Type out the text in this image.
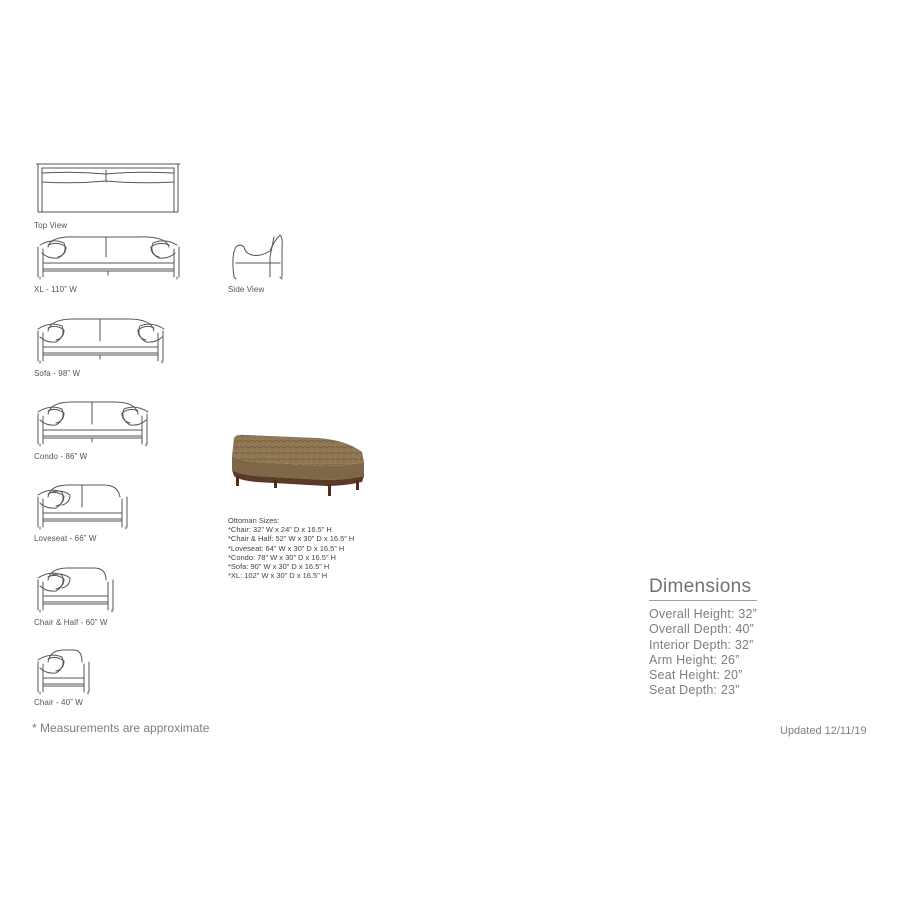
Top View
XL - 110” W	Side View
Sofa - 98” W
Condo - 86” W
Loveseat - 66” W
Chair & Half - 60” W
Chair - 40” W
Ottoman Sizes:
*Chair: 32” W x 24” D x 16.5” H
*Chair & Half: 52” W x 30” D x 16.5” H
*Loveseat: 64” W x 30” D x 16.5” H
*Condo: 78” W x 30” D x 16.5” H
*Sofa: 90” W x 30” D x 16.5” H
*XL: 102” W x 30” D x 16.5” H
Dimensions
Overall Height: 32”
Overall Depth: 40”
Interior Depth: 32”
Arm Height: 26”
Seat Height: 20”
Seat Depth: 23”
* Measurements are approximate	Updated 12/11/19
